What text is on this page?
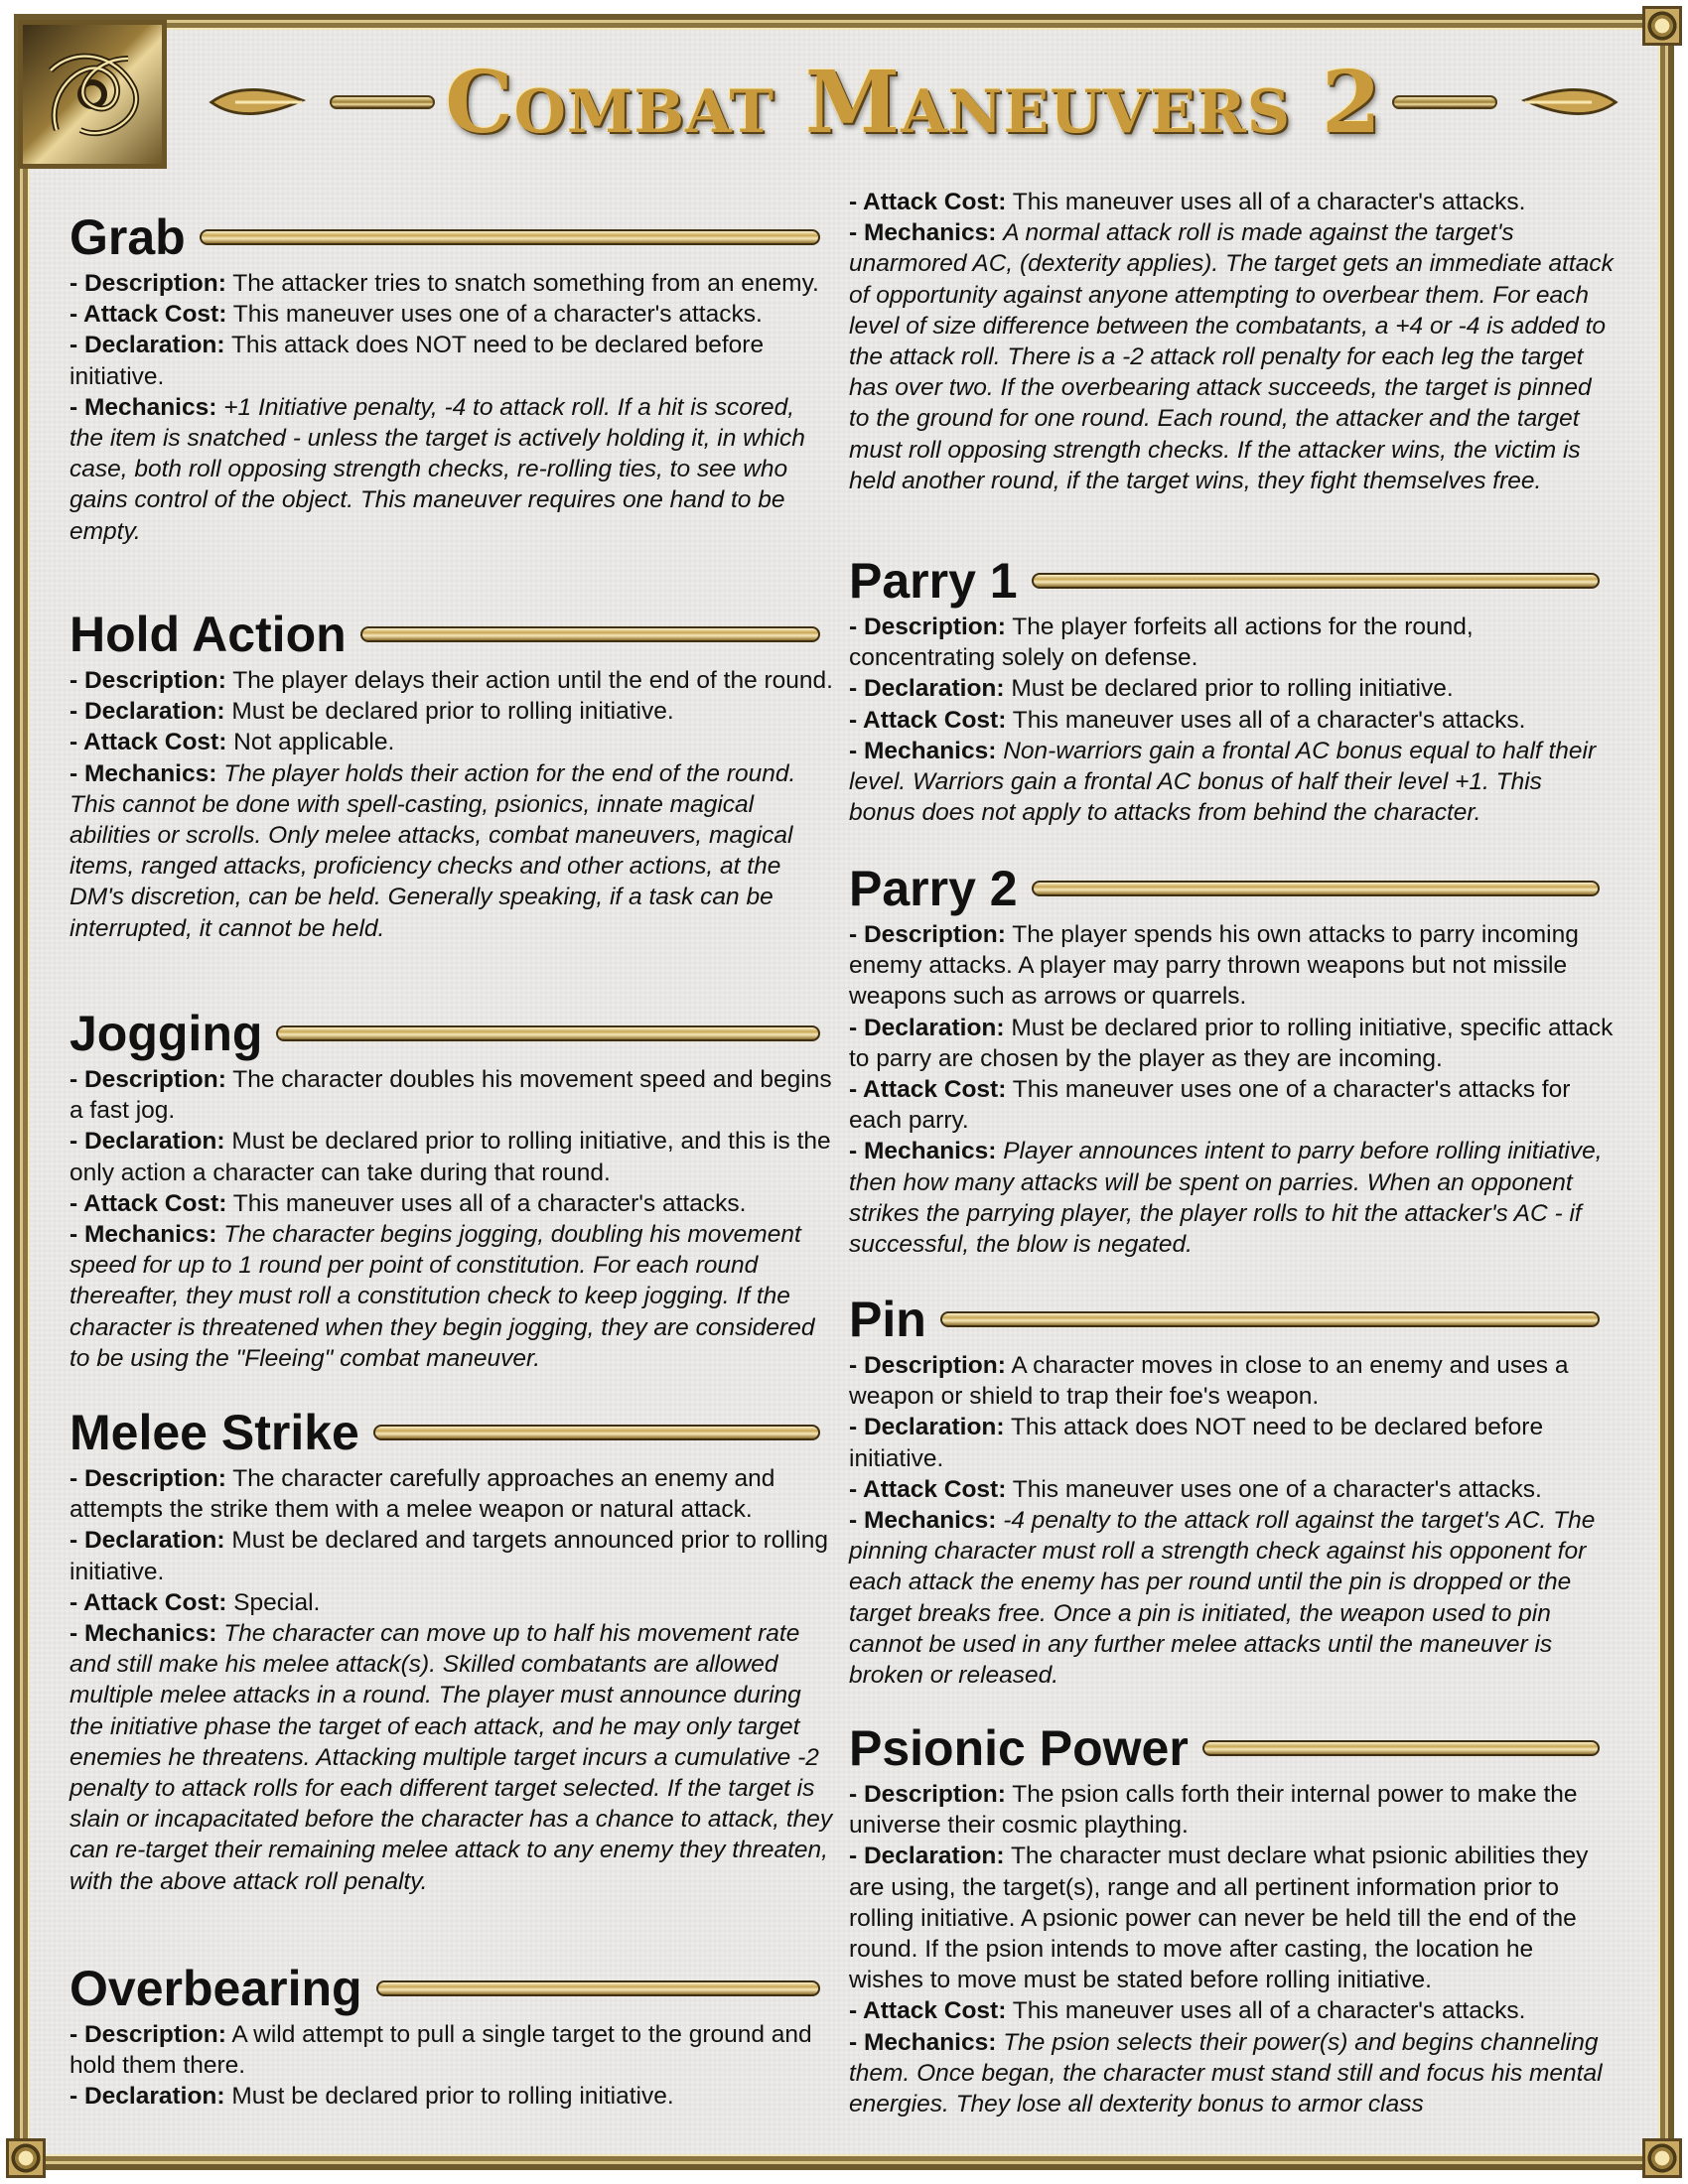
Combat Maneuvers 2
Grab

- Description: The attacker tries to snatch something from an enemy.

- Attack Cost: This maneuver uses one of a character's attacks.

- Declaration: This attack does NOT need to be declared before initiative.

- Mechanics: +1 Initiative penalty, -4 to attack roll. If a hit is scored, the item is snatched - unless the target is actively holding it, in which case, both roll opposing strength checks, re-rolling ties, to see who gains control of the object. This maneuver requires one hand to be empty.

Hold Action

- Description: The player delays their action until the end of the round.

- Declaration: Must be declared prior to rolling initiative.

- Attack Cost: Not applicable.

- Mechanics: The player holds their action for the end of the round. This cannot be done with spell-casting, psionics, innate magical abilities or scrolls. Only melee attacks, combat maneuvers, magical items, ranged attacks, proficiency checks and other actions, at the DM's discretion, can be held. Generally speaking, if a task can be interrupted, it cannot be held.

Jogging

- Description: The character doubles his movement speed and begins a fast jog.

- Declaration: Must be declared prior to rolling initiative, and this is the only action a character can take during that round.

- Attack Cost: This maneuver uses all of a character's attacks.

- Mechanics: The character begins jogging, doubling his movement speed for up to 1 round per point of constitution. For each round thereafter, they must roll a constitution check to keep jogging. If the character is threatened when they begin jogging, they are considered to be using the "Fleeing" combat maneuver.

Melee Strike

- Description: The character carefully approaches an enemy and attempts the strike them with a melee weapon or natural attack.

- Declaration: Must be declared and targets announced prior to rolling initiative.

- Attack Cost: Special.

- Mechanics: The character can move up to half his movement rate and still make his melee attack(s). Skilled combatants are allowed multiple melee attacks in a round. The player must announce during the initiative phase the target of each attack, and he may only target enemies he threatens. Attacking multiple target incurs a cumulative -2 penalty to attack rolls for each different target selected. If the target is slain or incapacitated before the character has a chance to attack, they can re-target their remaining melee attack to any enemy they threaten, with the above attack roll penalty.

Overbearing

- Description: A wild attempt to pull a single target to the ground and hold them there.

- Declaration: Must be declared prior to rolling initiative.

- Attack Cost: This maneuver uses all of a character's attacks.

- Mechanics: A normal attack roll is made against the target's unarmored AC, (dexterity applies). The target gets an immediate attack of opportunity against anyone attempting to overbear them. For each level of size difference between the combatants, a +4 or -4 is added to the attack roll. There is a -2 attack roll penalty for each leg the target has over two. If the overbearing attack succeeds, the target is pinned to the ground for one round. Each round, the attacker and the target must roll opposing strength checks. If the attacker wins, the victim is held another round, if the target wins, they fight themselves free.

Parry 1

- Description: The player forfeits all actions for the round, concentrating solely on defense.

- Declaration: Must be declared prior to rolling initiative.

- Attack Cost: This maneuver uses all of a character's attacks.

- Mechanics: Non-warriors gain a frontal AC bonus equal to half their level. Warriors gain a frontal AC bonus of half their level +1. This bonus does not apply to attacks from behind the character.

Parry 2

- Description: The player spends his own attacks to parry incoming enemy attacks. A player may parry thrown weapons but not missile weapons such as arrows or quarrels.

- Declaration: Must be declared prior to rolling initiative, specific attack to parry are chosen by the player as they are incoming.

- Attack Cost: This maneuver uses one of a character's attacks for each parry.

- Mechanics: Player announces intent to parry before rolling initiative, then how many attacks will be spent on parries. When an opponent strikes the parrying player, the player rolls to hit the attacker's AC - if successful, the blow is negated.

Pin

- Description: A character moves in close to an enemy and uses a weapon or shield to trap their foe's weapon.

- Declaration: This attack does NOT need to be declared before initiative.

- Attack Cost: This maneuver uses one of a character's attacks.

- Mechanics: -4 penalty to the attack roll against the target's AC. The pinning character must roll a strength check against his opponent for each attack the enemy has per round until the pin is dropped or the target breaks free. Once a pin is initiated, the weapon used to pin cannot be used in any further melee attacks until the maneuver is broken or released.

Psionic Power

- Description: The psion calls forth their internal power to make the universe their cosmic plaything.

- Declaration: The character must declare what psionic abilities they are using, the target(s), range and all pertinent information prior to rolling initiative. A psionic power can never be held till the end of the round. If the psion intends to move after casting, the location he wishes to move must be stated before rolling initiative.

- Attack Cost: This maneuver uses all of a character's attacks.

- Mechanics: The psion selects their power(s) and begins channeling them. Once began, the character must stand still and focus his mental energies. They lose all dexterity bonus to armor class
